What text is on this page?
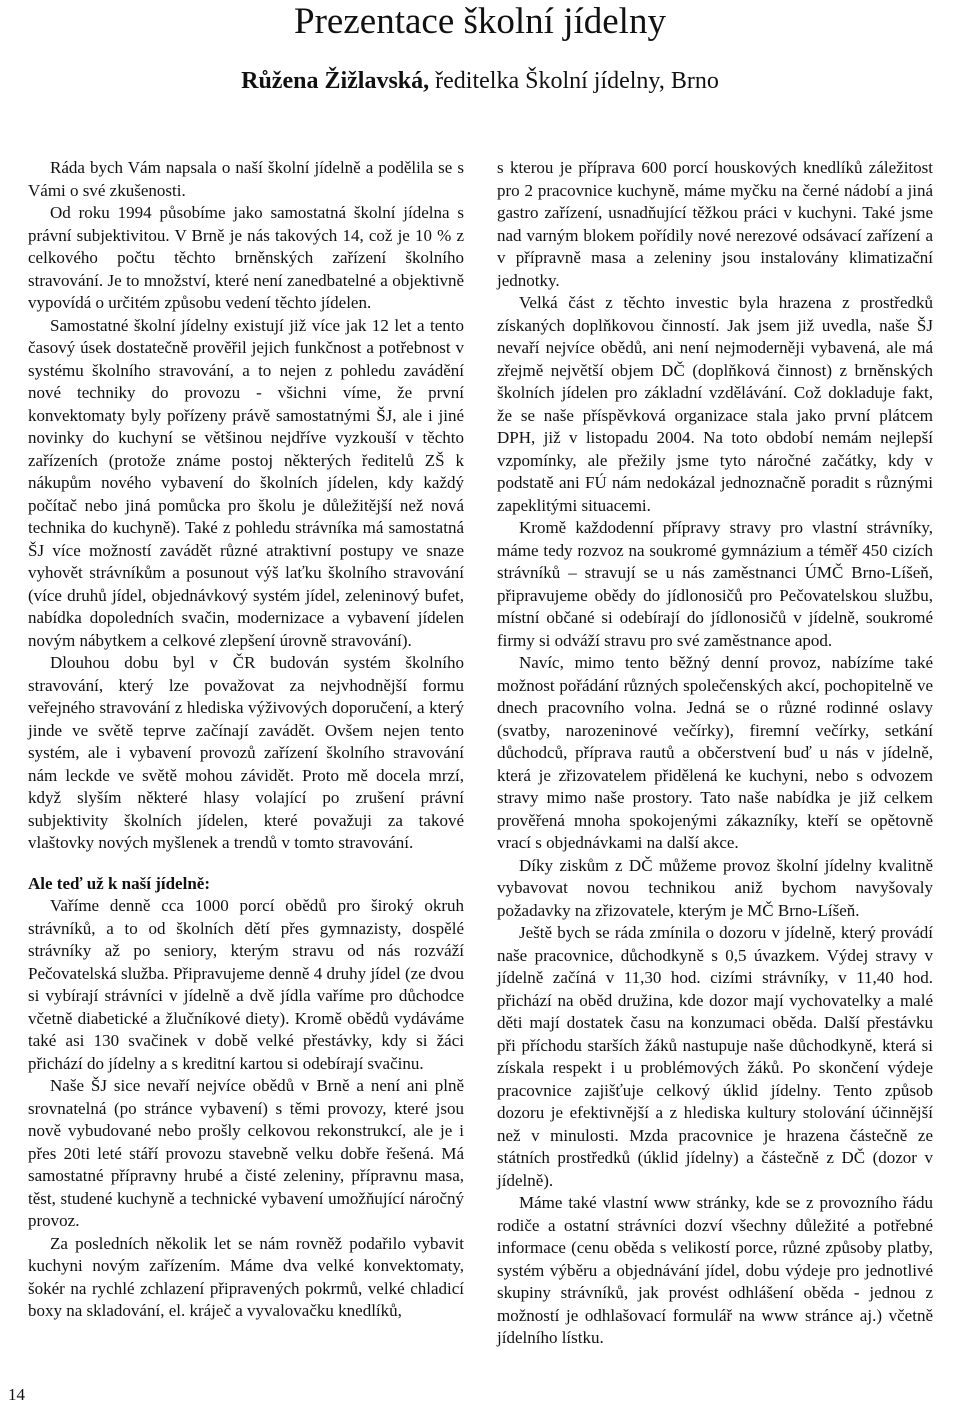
Prezentace školní jídelny
Růžena Žižlavská, ředitelka Školní jídelny, Brno

Ráda bych Vám napsala o naší školní jídelně a podělila se s Vámi o své zkušenosti.

Od roku 1994 působíme jako samostatná školní jídelna s právní subjektivitou. V Brně je nás takových 14, což je 10 % z celkového počtu těchto brněnských zařízení školního stravování. Je to množství, které není zanedbatelné a objektivně vypovídá o určitém způsobu vedení těchto jídelen.

Samostatné školní jídelny existují již více jak 12 let a tento časový úsek dostatečně prověřil jejich funkčnost a potřebnost v systému školního stravování, a to nejen z pohledu zavádění nové techniky do provozu - všichni víme, že první konvektomaty byly pořízeny právě samostatnými ŠJ, ale i jiné novinky do kuchyní se většinou nejdříve vyzkouší v těchto zařízeních (protože známe postoj některých ředitelů ZŠ k nákupům nového vybavení do školních jídelen, kdy každý počítač nebo jiná pomůcka pro školu je důležitější než nová technika do kuchyně). Také z pohledu strávníka má samostatná ŠJ více možností zavádět různé atraktivní postupy ve snaze vyhovět strávníkům a posunout výš laťku školního stravování (více druhů jídel, objednávkový systém jídel, zeleninový bufet, nabídka dopoledních svačin, modernizace a vybavení jídelen novým nábytkem a celkové zlepšení úrovně stravování).

Dlouhou dobu byl v ČR budován systém školního stravování, který lze považovat za nejvhodnější formu veřejného stravování z hlediska výživových doporučení, a který jinde ve světě teprve začínají zavádět. Ovšem nejen tento systém, ale i vybavení provozů zařízení školního stravování nám leckde ve světě mohou závidět. Proto mě docela mrzí, když slyším některé hlasy volající po zrušení právní subjektivity školních jídelen, které považuji za takové vlaštovky nových myšlenek a trendů v tomto stravování.

Ale teď už k naší jídelně:

Vaříme denně cca 1000 porcí obědů pro široký okruh strávníků, a to od školních dětí přes gymnazisty, dospělé strávníky až po seniory, kterým stravu od nás rozváží Pečovatelská služba. Připravujeme denně 4 druhy jídel (ze dvou si vybírají strávníci v jídelně a dvě jídla vaříme pro důchodce včetně diabetické a žlučníkové diety). Kromě obědů vydáváme také asi 130 svačinek v době velké přestávky, kdy si žáci přichází do jídelny a s kreditní kartou si odebírají svačinu.

Naše ŠJ sice nevaří nejvíce obědů v Brně a není ani plně srovnatelná (po stránce vybavení) s těmi provozy, které jsou nově vybudované nebo prošly celkovou rekonstrukcí, ale je i přes 20ti leté stáří provozu stavebně velku dobře řešená. Má samostatné přípravny hrubé a čisté zeleniny, přípravnu masa, těst, studené kuchyně a technické vybavení umožňující náročný provoz.

Za posledních několik let se nám rovněž podařilo vybavit kuchyni novým zařízením. Máme dva velké konvektomaty, šokér na rychlé zchlazení připravených pokrmů, velké chladicí boxy na skladování, el. kráječ a vyvalovačku knedlíků,

s kterou je příprava 600 porcí houskových knedlíků záležitost pro 2 pracovnice kuchyně, máme myčku na černé nádobí a jiná gastro zařízení, usnadňující těžkou práci v kuchyni. Také jsme nad varným blokem pořídily nové nerezové odsávací zařízení a v přípravně masa a zeleniny jsou instalovány klimatizační jednotky.

Velká část z těchto investic byla hrazena z prostředků získaných doplňkovou činností. Jak jsem již uvedla, naše ŠJ nevaří nejvíce obědů, ani není nejmoderněji vybavená, ale má zřejmě největší objem DČ (doplňková činnost) z brněnských školních jídelen pro základní vzdělávání. Což dokladuje fakt, že se naše příspěvková organizace stala jako první plátcem DPH, již v listopadu 2004. Na toto období nemám nejlepší vzpomínky, ale přežily jsme tyto náročné začátky, kdy v podstatě ani FÚ nám nedokázal jednoznačně poradit s různými zapeklitými situacemi.

Kromě každodenní přípravy stravy pro vlastní strávníky, máme tedy rozvoz na soukromé gymnázium a téměř 450 cizích strávníků – stravují se u nás zaměstnanci ÚMČ Brno-Líšeň, připravujeme obědy do jídlonosičů pro Pečovatelskou službu, místní občané si odebírají do jídlonosičů v jídelně, soukromé firmy si odváží stravu pro své zaměstnance apod.

Navíc, mimo tento běžný denní provoz, nabízíme také možnost pořádání různých společenských akcí, pochopitelně ve dnech pracovního volna. Jedná se o různé rodinné oslavy (svatby, narozeninové večírky), firemní večírky, setkání důchodců, příprava rautů a občerstvení buď u nás v jídelně, která je zřizovatelem přidělená ke kuchyni, nebo s odvozem stravy mimo naše prostory. Tato naše nabídka je již celkem prověřená mnoha spokojenými zákazníky, kteří se opětovně vrací s objednávkami na další akce.

Díky ziskům z DČ můžeme provoz školní jídelny kvalitně vybavovat novou technikou aniž bychom navyšovaly požadavky na zřizovatele, kterým je MČ Brno-Líšeň.

Ještě bych se ráda zmínila o dozoru v jídelně, který provádí naše pracovnice, důchodkyně s 0,5 úvazkem. Výdej stravy v jídelně začíná v 11,30 hod. cizími strávníky, v 11,40 hod. přichází na oběd družina, kde dozor mají vychovatelky a malé děti mají dostatek času na konzumaci oběda. Další přestávku při příchodu starších žáků nastupuje naše důchodkyně, která si získala respekt i u problémových žáků. Po skončení výdeje pracovnice zajišťuje celkový úklid jídelny. Tento způsob dozoru je efektivnější a z hlediska kultury stolování účinnější než v minulosti. Mzda pracovnice je hrazena částečně ze státních prostředků (úklid jídelny) a částečně z DČ (dozor v jídelně).

Máme také vlastní www stránky, kde se z provozního řádu rodiče a ostatní strávníci dozví všechny důležité a potřebné informace (cenu oběda s velikostí porce, různé způsoby platby, systém výběru a objednávání jídel, dobu výdeje pro jednotlivé skupiny strávníků, jak provést odhlášení oběda - jednou z možností je odhlašovací formulář na www stránce aj.) včetně jídelního lístku.

14
